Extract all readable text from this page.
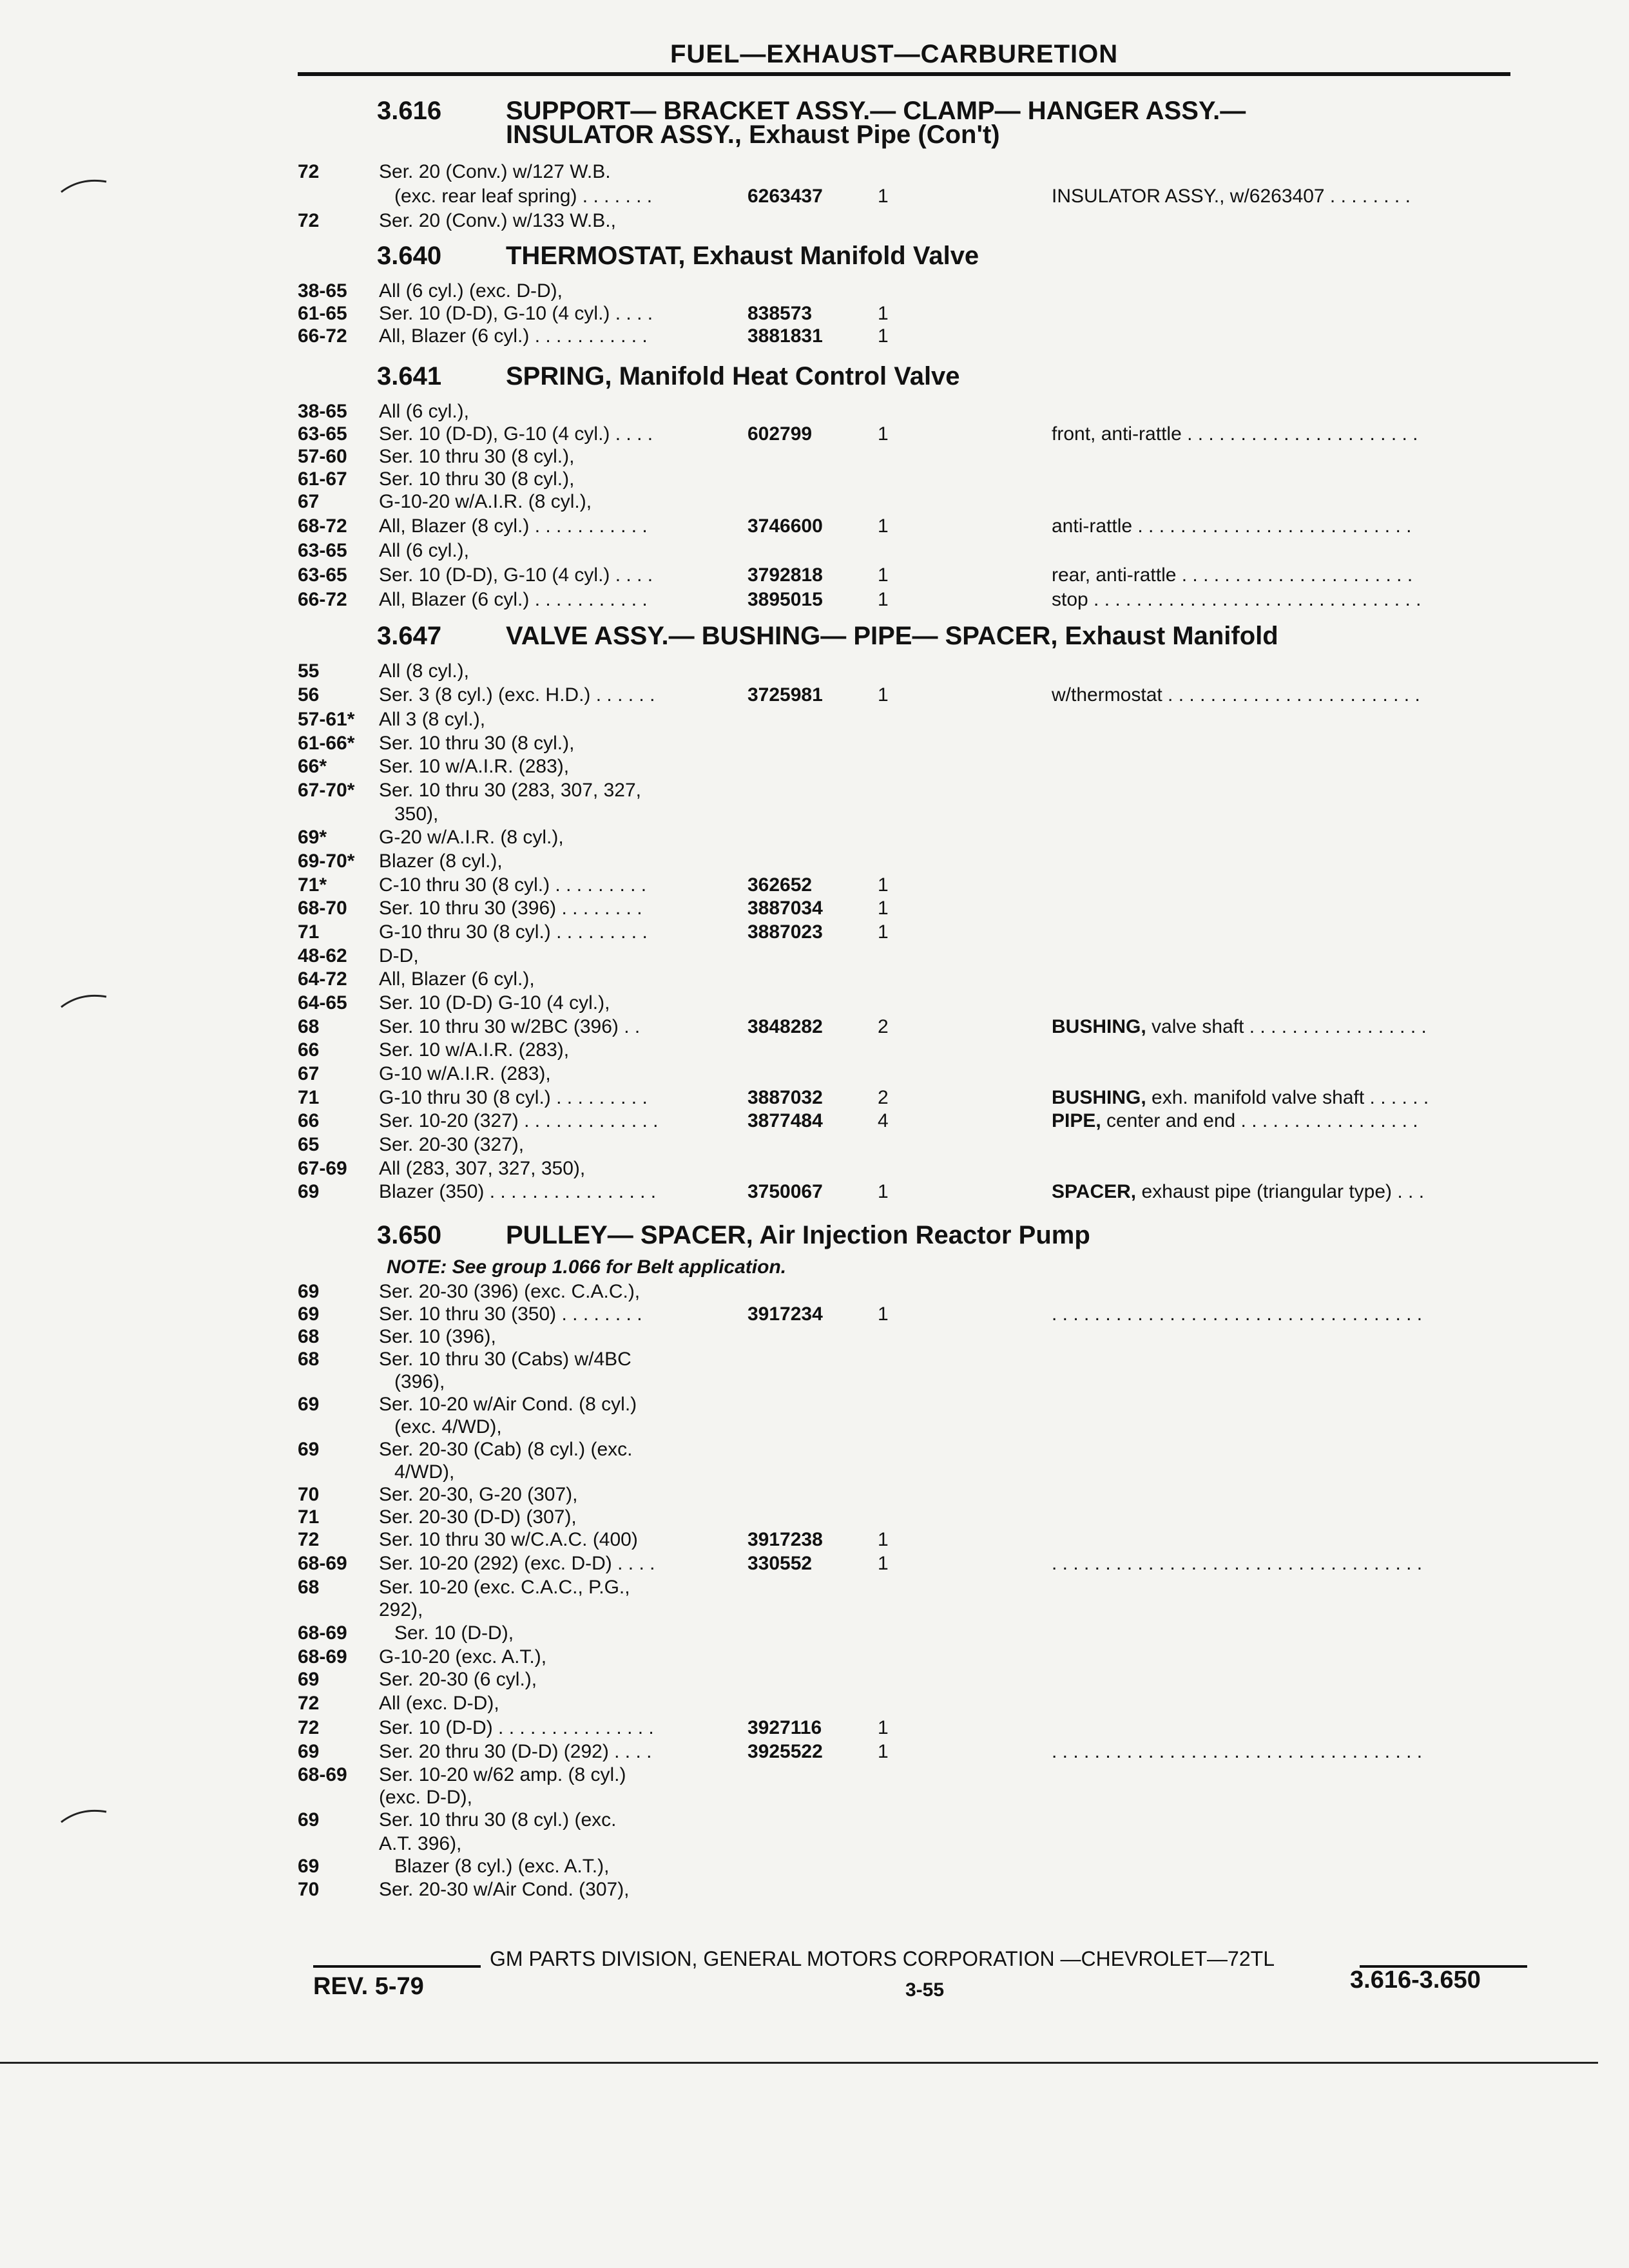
FUEL—EXHAUST—CARBURETION
3.616 SUPPORT— BRACKET ASSY.— CLAMP— HANGER ASSY.—
INSULATOR ASSY., Exhaust Pipe (Con't)
3.640 THERMOSTAT, Exhaust Manifold Valve
3.641 SPRING, Manifold Heat Control Valve
3.647 VALVE ASSY.— BUSHING— PIPE— SPACER, Exhaust Manifold
3.650 PULLEY— SPACER, Air Injection Reactor Pump
NOTE: See group 1.066 for Belt application.
72	Ser. 20 (Conv.) w/127 W.B.
(exc. rear leaf spring) . . . . . . .	6263437	1	INSULATOR ASSY., w/6263407 . . . . . . . .
72	Ser. 20 (Conv.) w/133 W.B.,
38-65 All (6 cyl.) (exc. D-D),
61-65 Ser. 10 (D-D), G-10 (4 cyl.) . . . .	838573	1
66-72 All, Blazer (6 cyl.) . . . . . . . . . . .	3881831	1
38-65 All (6 cyl.),
63-65 Ser. 10 (D-D), G-10 (4 cyl.) . . . .	602799	1	front, anti-rattle . . . . . . . . . . . . . . . . . . . . . .
57-60 Ser. 10 thru 30 (8 cyl.),
61-67 Ser. 10 thru 30 (8 cyl.),
67	G-10-20 w/A.I.R. (8 cyl.),
68-72 All, Blazer (8 cyl.) . . . . . . . . . . .	3746600	1	anti-rattle . . . . . . . . . . . . . . . . . . . . . . . . . .
63-65 All (6 cyl.),
63-65 Ser. 10 (D-D), G-10 (4 cyl.) . . . .	3792818	1	rear, anti-rattle . . . . . . . . . . . . . . . . . . . . . .
66-72 All, Blazer (6 cyl.) . . . . . . . . . . .	3895015	1	stop . . . . . . . . . . . . . . . . . . . . . . . . . . . . . . .
55	All (8 cyl.),
56	Ser. 3 (8 cyl.) (exc. H.D.) . . . . . .	3725981	1	w/thermostat . . . . . . . . . . . . . . . . . . . . . . . .
57-61* All 3 (8 cyl.),
61-66* Ser. 10 thru 30 (8 cyl.),
66*	Ser. 10 w/A.I.R. (283),
67-70* Ser. 10 thru 30 (283, 307, 327,
350),
69*	G-20 w/A.I.R. (8 cyl.),
69-70* Blazer (8 cyl.),
71*	C-10 thru 30 (8 cyl.) . . . . . . . . .	362652	1
68-70 Ser. 10 thru 30 (396) . . . . . . . .	3887034	1
71	G-10 thru 30 (8 cyl.) . . . . . . . . .	3887023	1
48-62 D-D,
64-72 All, Blazer (6 cyl.),
64-65 Ser. 10 (D-D) G-10 (4 cyl.),
68	Ser. 10 thru 30 w/2BC (396) . .	3848282	2	BUSHING, valve shaft . . . . . . . . . . . . . . . . .
66	Ser. 10 w/A.I.R. (283),
67	G-10 w/A.I.R. (283),
71	G-10 thru 30 (8 cyl.) . . . . . . . . .	3887032	2	BUSHING, exh. manifold valve shaft . . . . . .
66	Ser. 10-20 (327) . . . . . . . . . . . . .	3877484	4	PIPE, center and end . . . . . . . . . . . . . . . . .
65	Ser. 20-30 (327),
67-69 All (283, 307, 327, 350),
69	Blazer (350) . . . . . . . . . . . . . . . .	3750067	1	SPACER, exhaust pipe (triangular type) . . .
69	Ser. 20-30 (396) (exc. C.A.C.),
69	Ser. 10 thru 30 (350) . . . . . . . .	3917234	1	. . . . . . . . . . . . . . . . . . . . . . . . . . . . . . . . . . .
68	Ser. 10 (396),
68	Ser. 10 thru 30 (Cabs) w/4BC
(396),
69	Ser. 10-20 w/Air Cond. (8 cyl.)
(exc. 4/WD),
69	Ser. 20-30 (Cab) (8 cyl.) (exc.
4/WD),
70	Ser. 20-30, G-20 (307),
71	Ser. 20-30 (D-D) (307),
72	Ser. 10 thru 30 w/C.A.C. (400)	3917238	1
68-69 Ser. 10-20 (292) (exc. D-D) . . . .	330552	1	. . . . . . . . . . . . . . . . . . . . . . . . . . . . . . . . . . .
68	Ser. 10-20 (exc. C.A.C., P.G.,
292),
68-69 Ser. 10 (D-D),
68-69 G-10-20 (exc. A.T.),
69	Ser. 20-30 (6 cyl.),
72	All (exc. D-D),
72	Ser. 10 (D-D) . . . . . . . . . . . . . . .	3927116	1
69	Ser. 20 thru 30 (D-D) (292) . . . .	3925522	1	. . . . . . . . . . . . . . . . . . . . . . . . . . . . . . . . . . .
68-69 Ser. 10-20 w/62 amp. (8 cyl.)
(exc. D-D),
69	Ser. 10 thru 30 (8 cyl.) (exc.
A.T. 396),
69	Blazer (8 cyl.) (exc. A.T.),
70	Ser. 20-30 w/Air Cond. (307),
GM PARTS DIVISION, GENERAL MOTORS CORPORATION —CHEVROLET—72TL
REV. 5-79	3-55	3.616-3.650
